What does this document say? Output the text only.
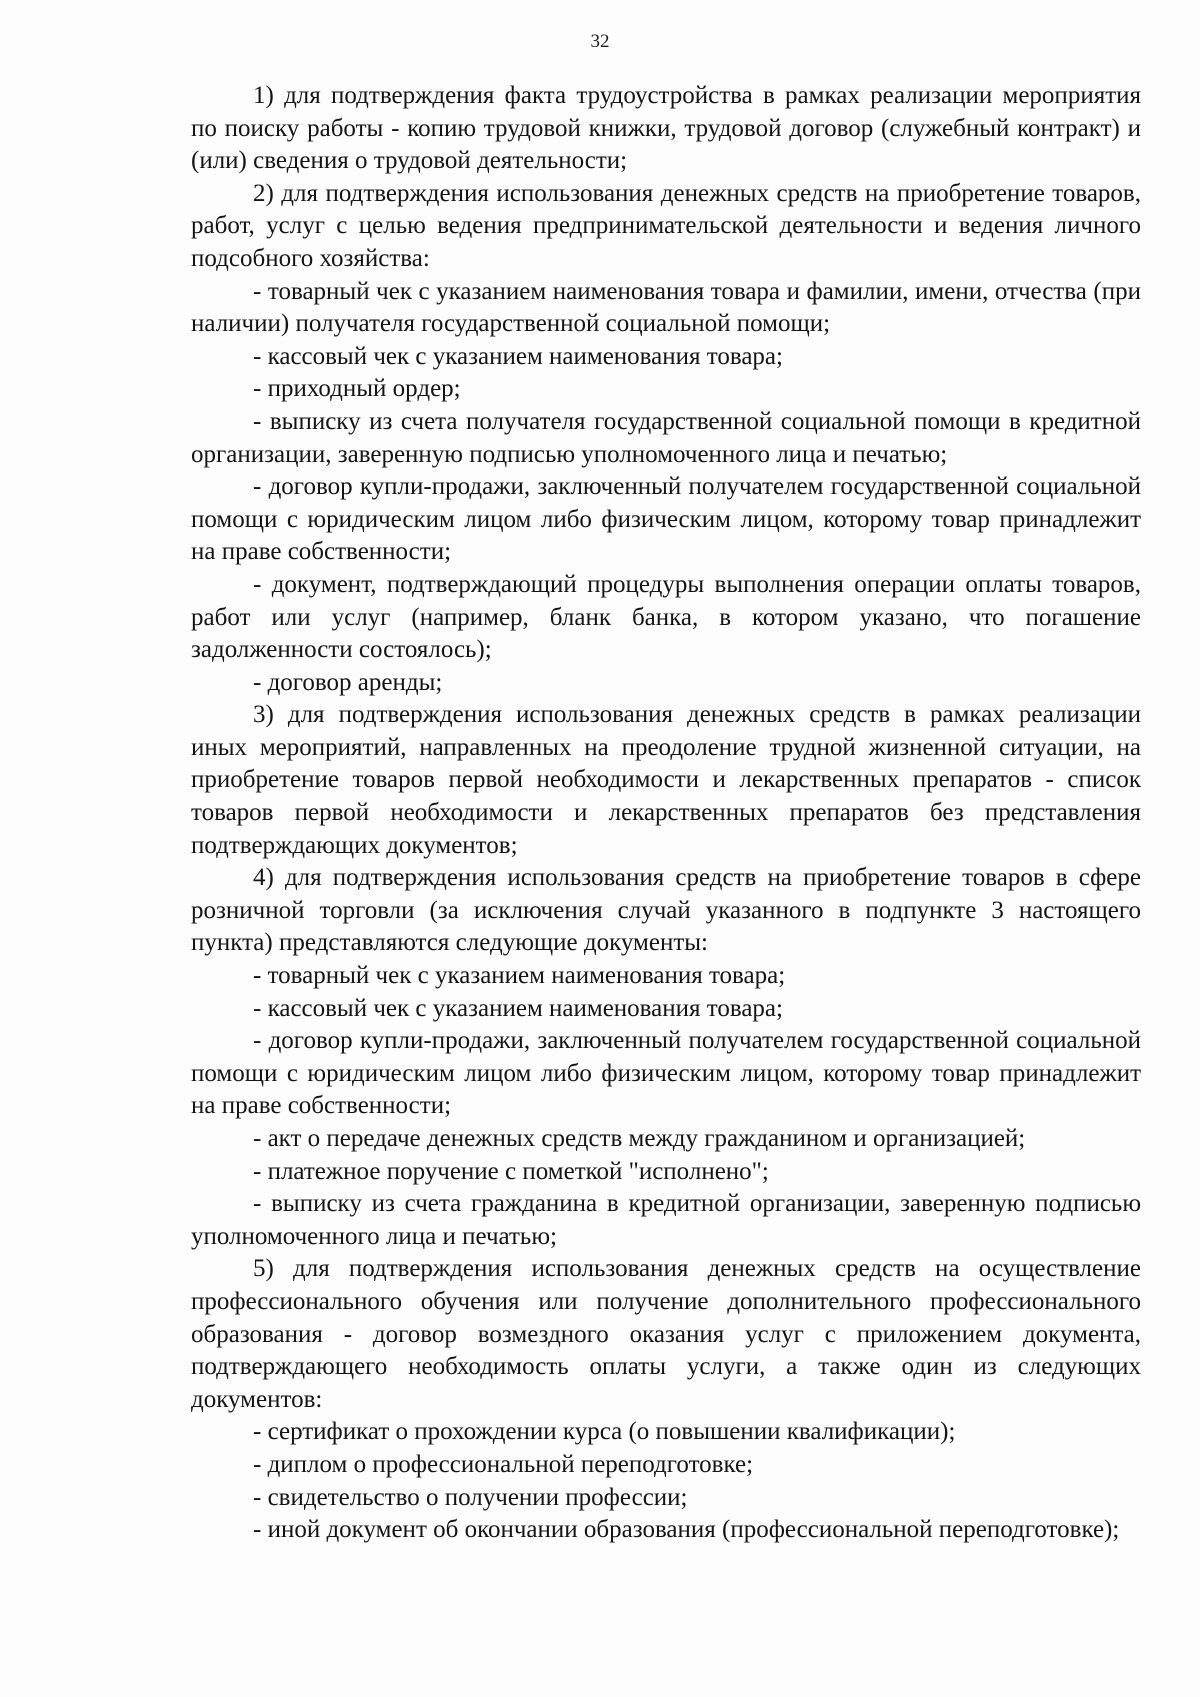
32

1) для подтверждения факта трудоустройства в рамках реализации мероприятия по поиску работы - копию трудовой книжки, трудовой договор (служебный контракт) и (или) сведения о трудовой деятельности;

2) для подтверждения использования денежных средств на приобретение товаров, работ, услуг с целью ведения предпринимательской деятельности и ведения личного подсобного хозяйства:

- товарный чек с указанием наименования товара и фамилии, имени, отчества (при наличии) получателя государственной социальной помощи;

- кассовый чек с указанием наименования товара;

- приходный ордер;

- выписку из счета получателя государственной социальной помощи в кредитной организации, заверенную подписью уполномоченного лица и печатью;

- договор купли-продажи, заключенный получателем государственной социальной помощи с юридическим лицом либо физическим лицом, которому товар принадлежит на праве собственности;

- документ, подтверждающий процедуры выполнения операции оплаты товаров, работ или услуг (например, бланк банка, в котором указано, что погашение задолженности состоялось);

- договор аренды;

3) для подтверждения использования денежных средств в рамках реализации иных мероприятий, направленных на преодоление трудной жизненной ситуации, на приобретение товаров первой необходимости и лекарственных препаратов - список товаров первой необходимости и лекарственных препаратов без представления подтверждающих документов;

4) для подтверждения использования средств на приобретение товаров в сфере розничной торговли (за исключения случай указанного в подпункте 3 настоящего пункта) представляются следующие документы:

- товарный чек с указанием наименования товара;

- кассовый чек с указанием наименования товара;

- договор купли-продажи, заключенный получателем государственной социальной помощи с юридическим лицом либо физическим лицом, которому товар принадлежит на праве собственности;

- акт о передаче денежных средств между гражданином и организацией;

- платежное поручение с пометкой "исполнено";

- выписку из счета гражданина в кредитной организации, заверенную подписью уполномоченного лица и печатью;

5) для подтверждения использования денежных средств на осуществление профессионального обучения или получение дополнительного профессионального образования - договор возмездного оказания услуг с приложением документа, подтверждающего необходимость оплаты услуги, а также один из следующих документов:

- сертификат о прохождении курса (о повышении квалификации);

- диплом о профессиональной переподготовке;

- свидетельство о получении профессии;

- иной документ об окончании образования (профессиональной переподготовке);
